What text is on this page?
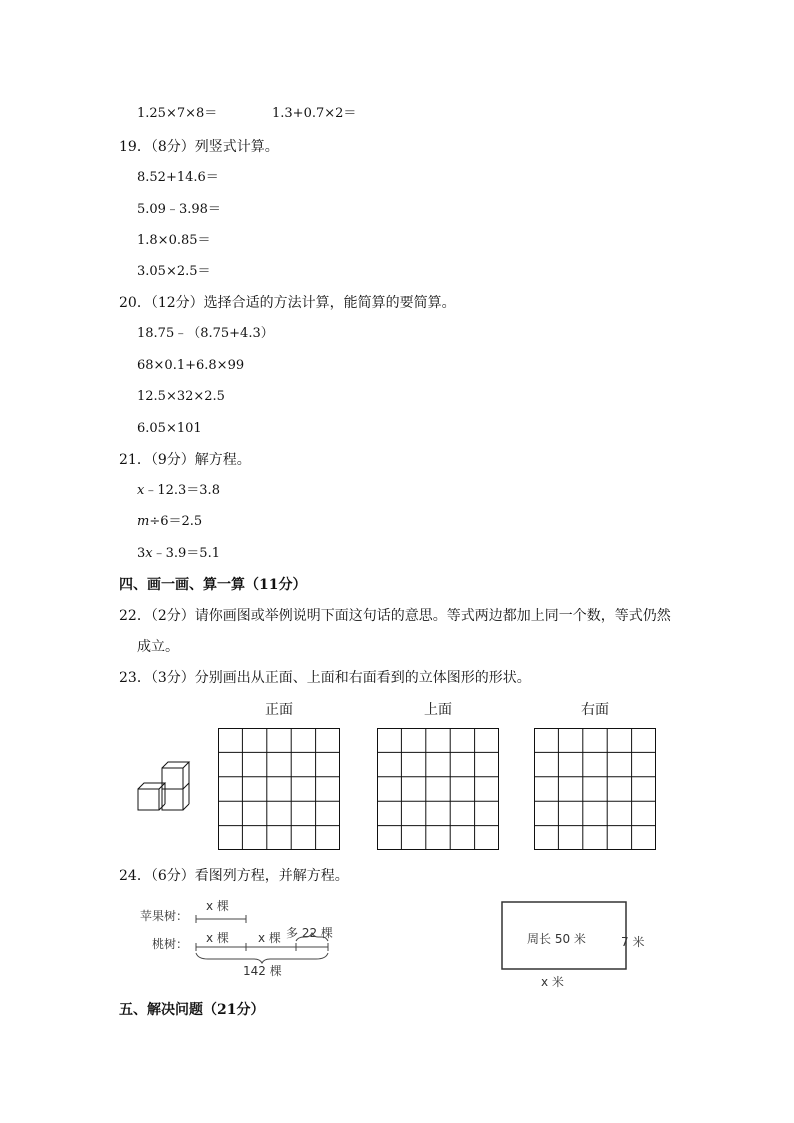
1.25×7×8＝	1.3+0.7×2＝
19．（8分）列竖式计算。
8.52+14.6＝
5.09﹣3.98＝
1.8×0.85＝
3.05×2.5＝
20．（12分）选择合适的方法计算，能简算的要简算。
18.75﹣（8.75+4.3）
68×0.1+6.8×99
12.5×32×2.5
6.05×101
21．（9分）解方程。
x﹣12.3＝3.8
m÷6＝2.5
3x﹣3.9＝5.1
四、画一画、算一算（11分）
22．（2分）请你画图或举例说明下面这句话的意思。等式两边都加上同一个数，等式仍然
成立。
23．（3分）分别画出从正面、上面和右面看到的立体图形的形状。
正面	上面	右面
24．（6分）看图列方程，并解方程。
苹果树：
x 棵
桃树： x 棵 x 棵 多 22 棵
142 棵
周长 50 米	7 米
x 米
五、解决问题（21分）
